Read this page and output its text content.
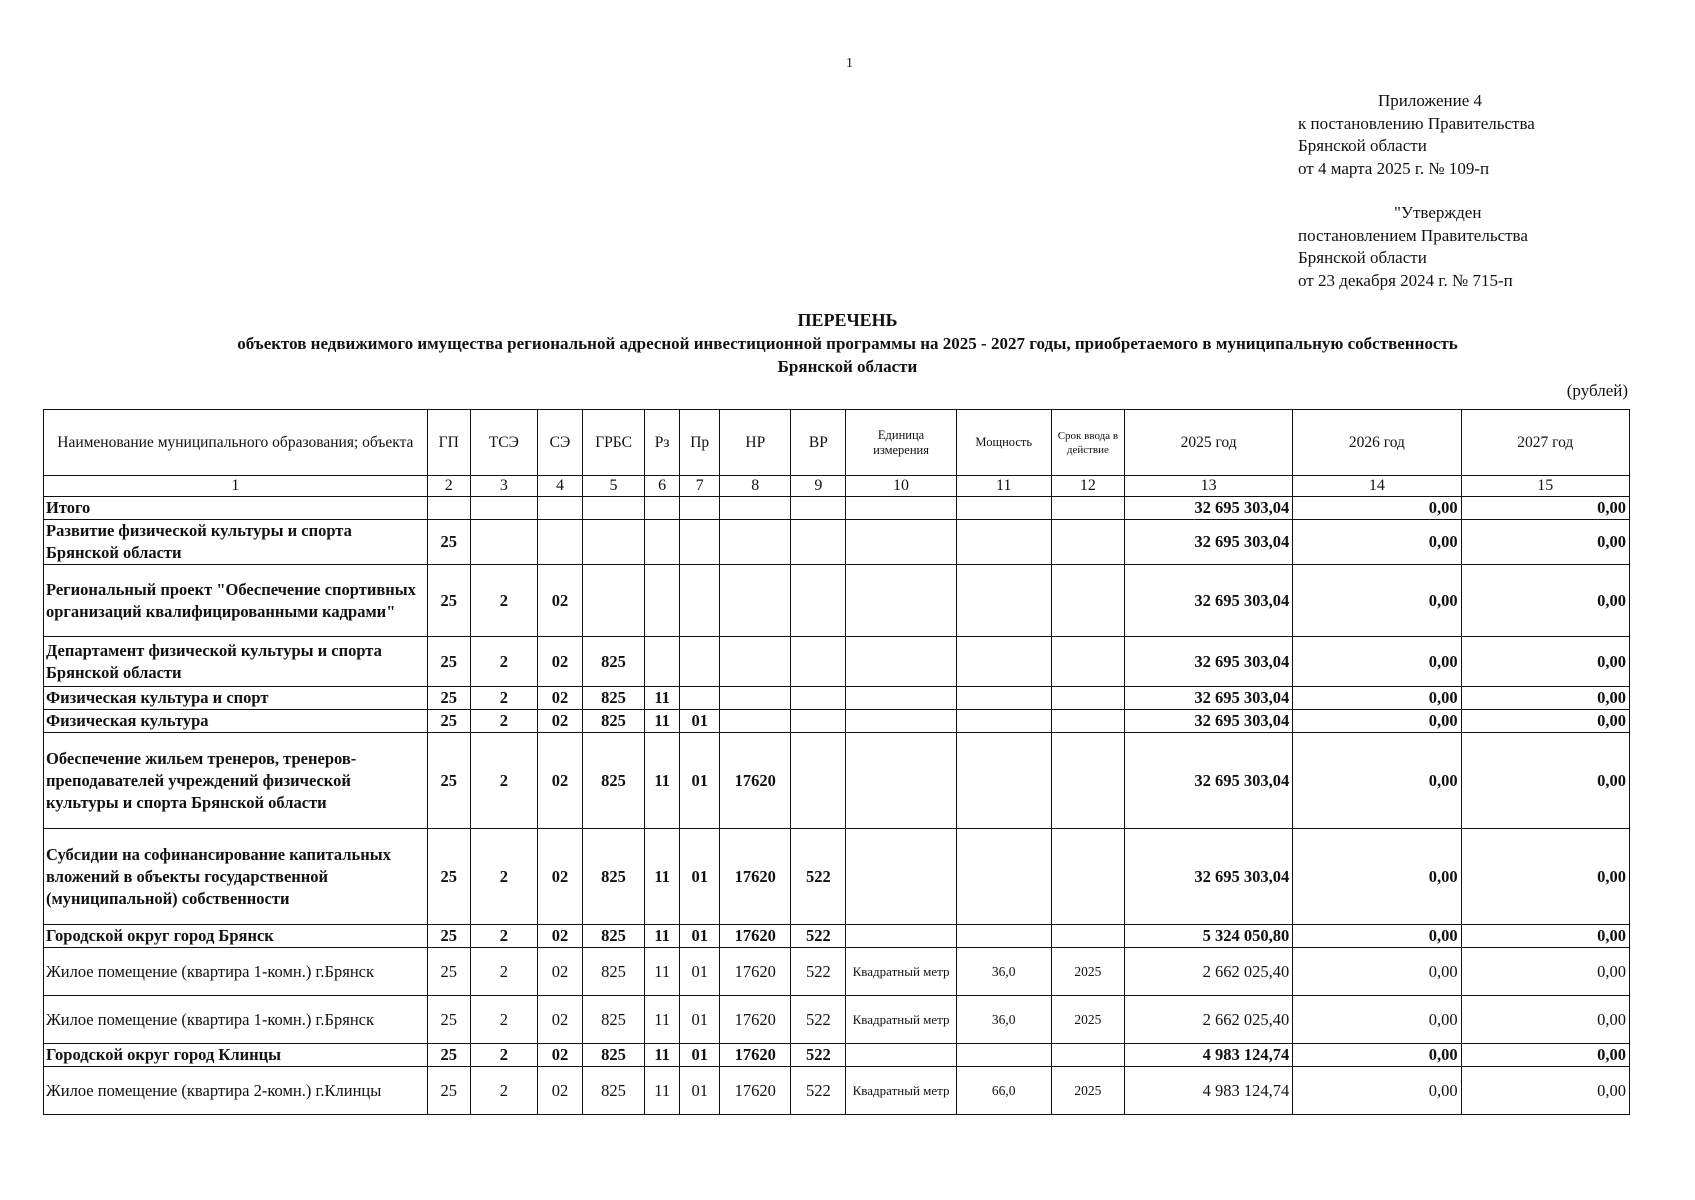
1
Приложение 4
к постановлению Правительства
Брянской области
от 4 марта 2025 г. № 109-п
"Утвержден
постановлением Правительства
Брянской области
от 23 декабря 2024 г. № 715-п
ПЕРЕЧЕНЬ
объектов недвижимого имущества региональной адресной инвестиционной программы на 2025 - 2027 годы, приобретаемого в муниципальную собственность
Брянской области
(рублей)
Наименование муниципального образования; объекта	ГП	ТСЭ	СЭ	ГРБС	Рз	Пр	НР	ВР	Единица измерения	Мощность	Срок ввода в действие	2025 год	2026 год	2027 год
1	2	3	4	5	6	7	8	9	10	11	12	13	14	15
Итого												32 695 303,04	0,00	0,00
Развитие физической культуры и спорта Брянской области	25											32 695 303,04	0,00	0,00
Региональный проект "Обеспечение спортивных организаций квалифицированными кадрами"	25	2	02									32 695 303,04	0,00	0,00
Департамент физической культуры и спорта Брянской области	25	2	02	825								32 695 303,04	0,00	0,00
Физическая культура и спорт	25	2	02	825	11							32 695 303,04	0,00	0,00
Физическая культура	25	2	02	825	11	01						32 695 303,04	0,00	0,00
Обеспечение жильем тренеров, тренеров-преподавателей учреждений физической культуры и спорта Брянской области	25	2	02	825	11	01	17620					32 695 303,04	0,00	0,00
Субсидии на софинансирование капитальных вложений в объекты государственной (муниципальной) собственности	25	2	02	825	11	01	17620	522				32 695 303,04	0,00	0,00
Городской округ город Брянск	25	2	02	825	11	01	17620	522				5 324 050,80	0,00	0,00
Жилое помещение (квартира 1-комн.) г.Брянск	25	2	02	825	11	01	17620	522	Квадратный метр	36,0	2025	2 662 025,40	0,00	0,00
Жилое помещение (квартира 1-комн.) г.Брянск	25	2	02	825	11	01	17620	522	Квадратный метр	36,0	2025	2 662 025,40	0,00	0,00
Городской округ город Клинцы	25	2	02	825	11	01	17620	522				4 983 124,74	0,00	0,00
Жилое помещение (квартира 2-комн.) г.Клинцы	25	2	02	825	11	01	17620	522	Квадратный метр	66,0	2025	4 983 124,74	0,00	0,00
